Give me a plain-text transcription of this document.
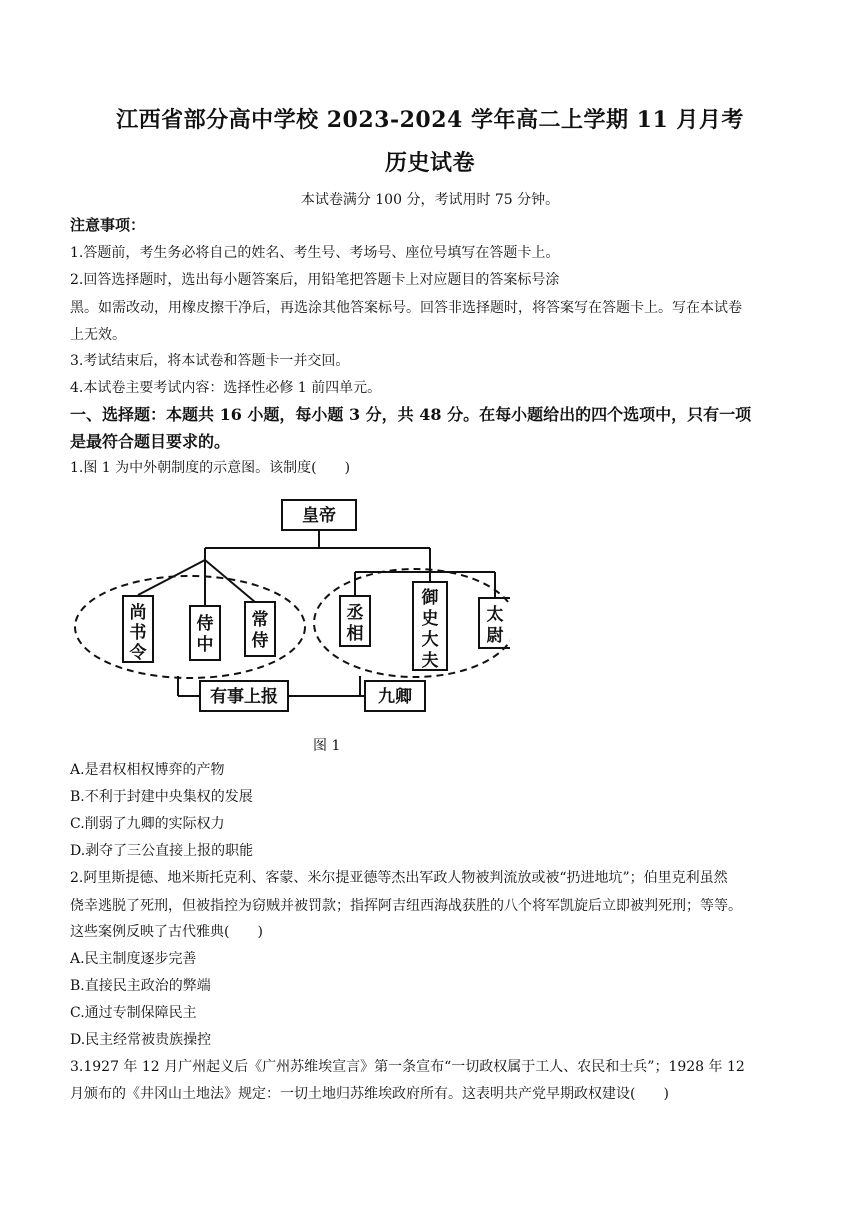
江西省部分高中学校 2023-2024 学年高二上学期 11 月月考
历史试卷
本试卷满分 100 分，考试用时 75 分钟。
注意事项：
1.答题前，考生务必将自己的姓名、考生号、考场号、座位号填写在答题卡上。
2.回答选择题时，选出每小题答案后，用铅笔把答题卡上对应题目的答案标号涂
黑。如需改动，用橡皮擦干净后，再选涂其他答案标号。回答非选择题时，将答案写在答题卡上。写在本试卷
上无效。
3.考试结束后，将本试卷和答题卡一并交回。
4.本试卷主要考试内容：选择性必修 1 前四单元。
一、选择题：本题共 16 小题，每小题 3 分，共 48 分。在每小题给出的四个选项中，只有一项
是最符合题目要求的。
1.图 1 为中外朝制度的示意图。该制度(　　)
皇帝
有事上报	九卿
尚书令
侍中
常侍
丞相
御史大夫
太尉
图 1
A.是君权相权博弈的产物
B.不利于封建中央集权的发展
C.削弱了九卿的实际权力
D.剥夺了三公直接上报的职能
2.阿里斯提德、地米斯托克利、客蒙、米尔提亚德等杰出军政人物被判流放或被“扔进地坑”；伯里克利虽然
侥幸逃脱了死刑，但被指控为窃贼并被罚款；指挥阿吉纽西海战获胜的八个将军凯旋后立即被判死刑；等等。
这些案例反映了古代雅典(　　)
A.民主制度逐步完善
B.直接民主政治的弊端
C.通过专制保障民主
D.民主经常被贵族操控
3.1927 年 12 月广州起义后《广州苏维埃宣言》第一条宣布“一切政权属于工人、农民和士兵”；1928 年 12
月颁布的《井冈山土地法》规定：一切土地归苏维埃政府所有。这表明共产党早期政权建设(　　)
